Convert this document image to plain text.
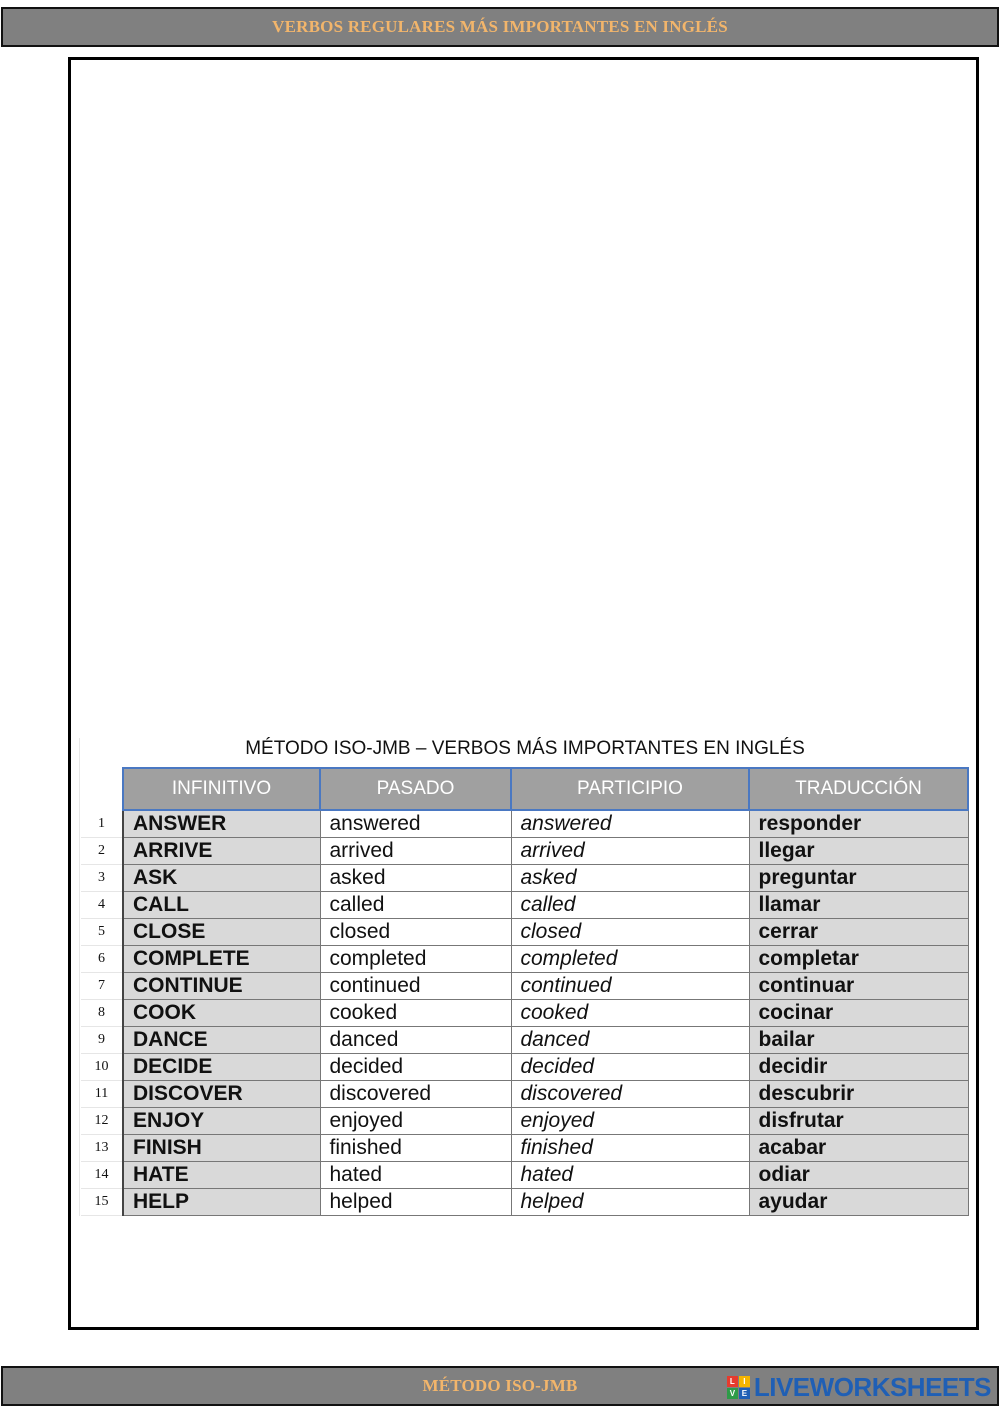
VERBOS REGULARES MÁS IMPORTANTES EN INGLÉS
MÉTODO ISO-JMB – VERBOS MÁS IMPORTANTES EN INGLÉS
	INFINITIVO	PASADO	PARTICIPIO	TRADUCCIÓN
1	ANSWER	answered	answered	responder
2	ARRIVE	arrived	arrived	llegar
3	ASK	asked	asked	preguntar
4	CALL	called	called	llamar
5	CLOSE	closed	closed	cerrar
6	COMPLETE	completed	completed	completar
7	CONTINUE	continued	continued	continuar
8	COOK	cooked	cooked	cocinar
9	DANCE	danced	danced	bailar
10	DECIDE	decided	decided	decidir
11	DISCOVER	discovered	discovered	descubrir
12	ENJOY	enjoyed	enjoyed	disfrutar
13	FINISH	finished	finished	acabar
14	HATE	hated	hated	odiar
15	HELP	helped	helped	ayudar
MÉTODO ISO-JMB	L	I
V E LIVEWORKSHEETS
